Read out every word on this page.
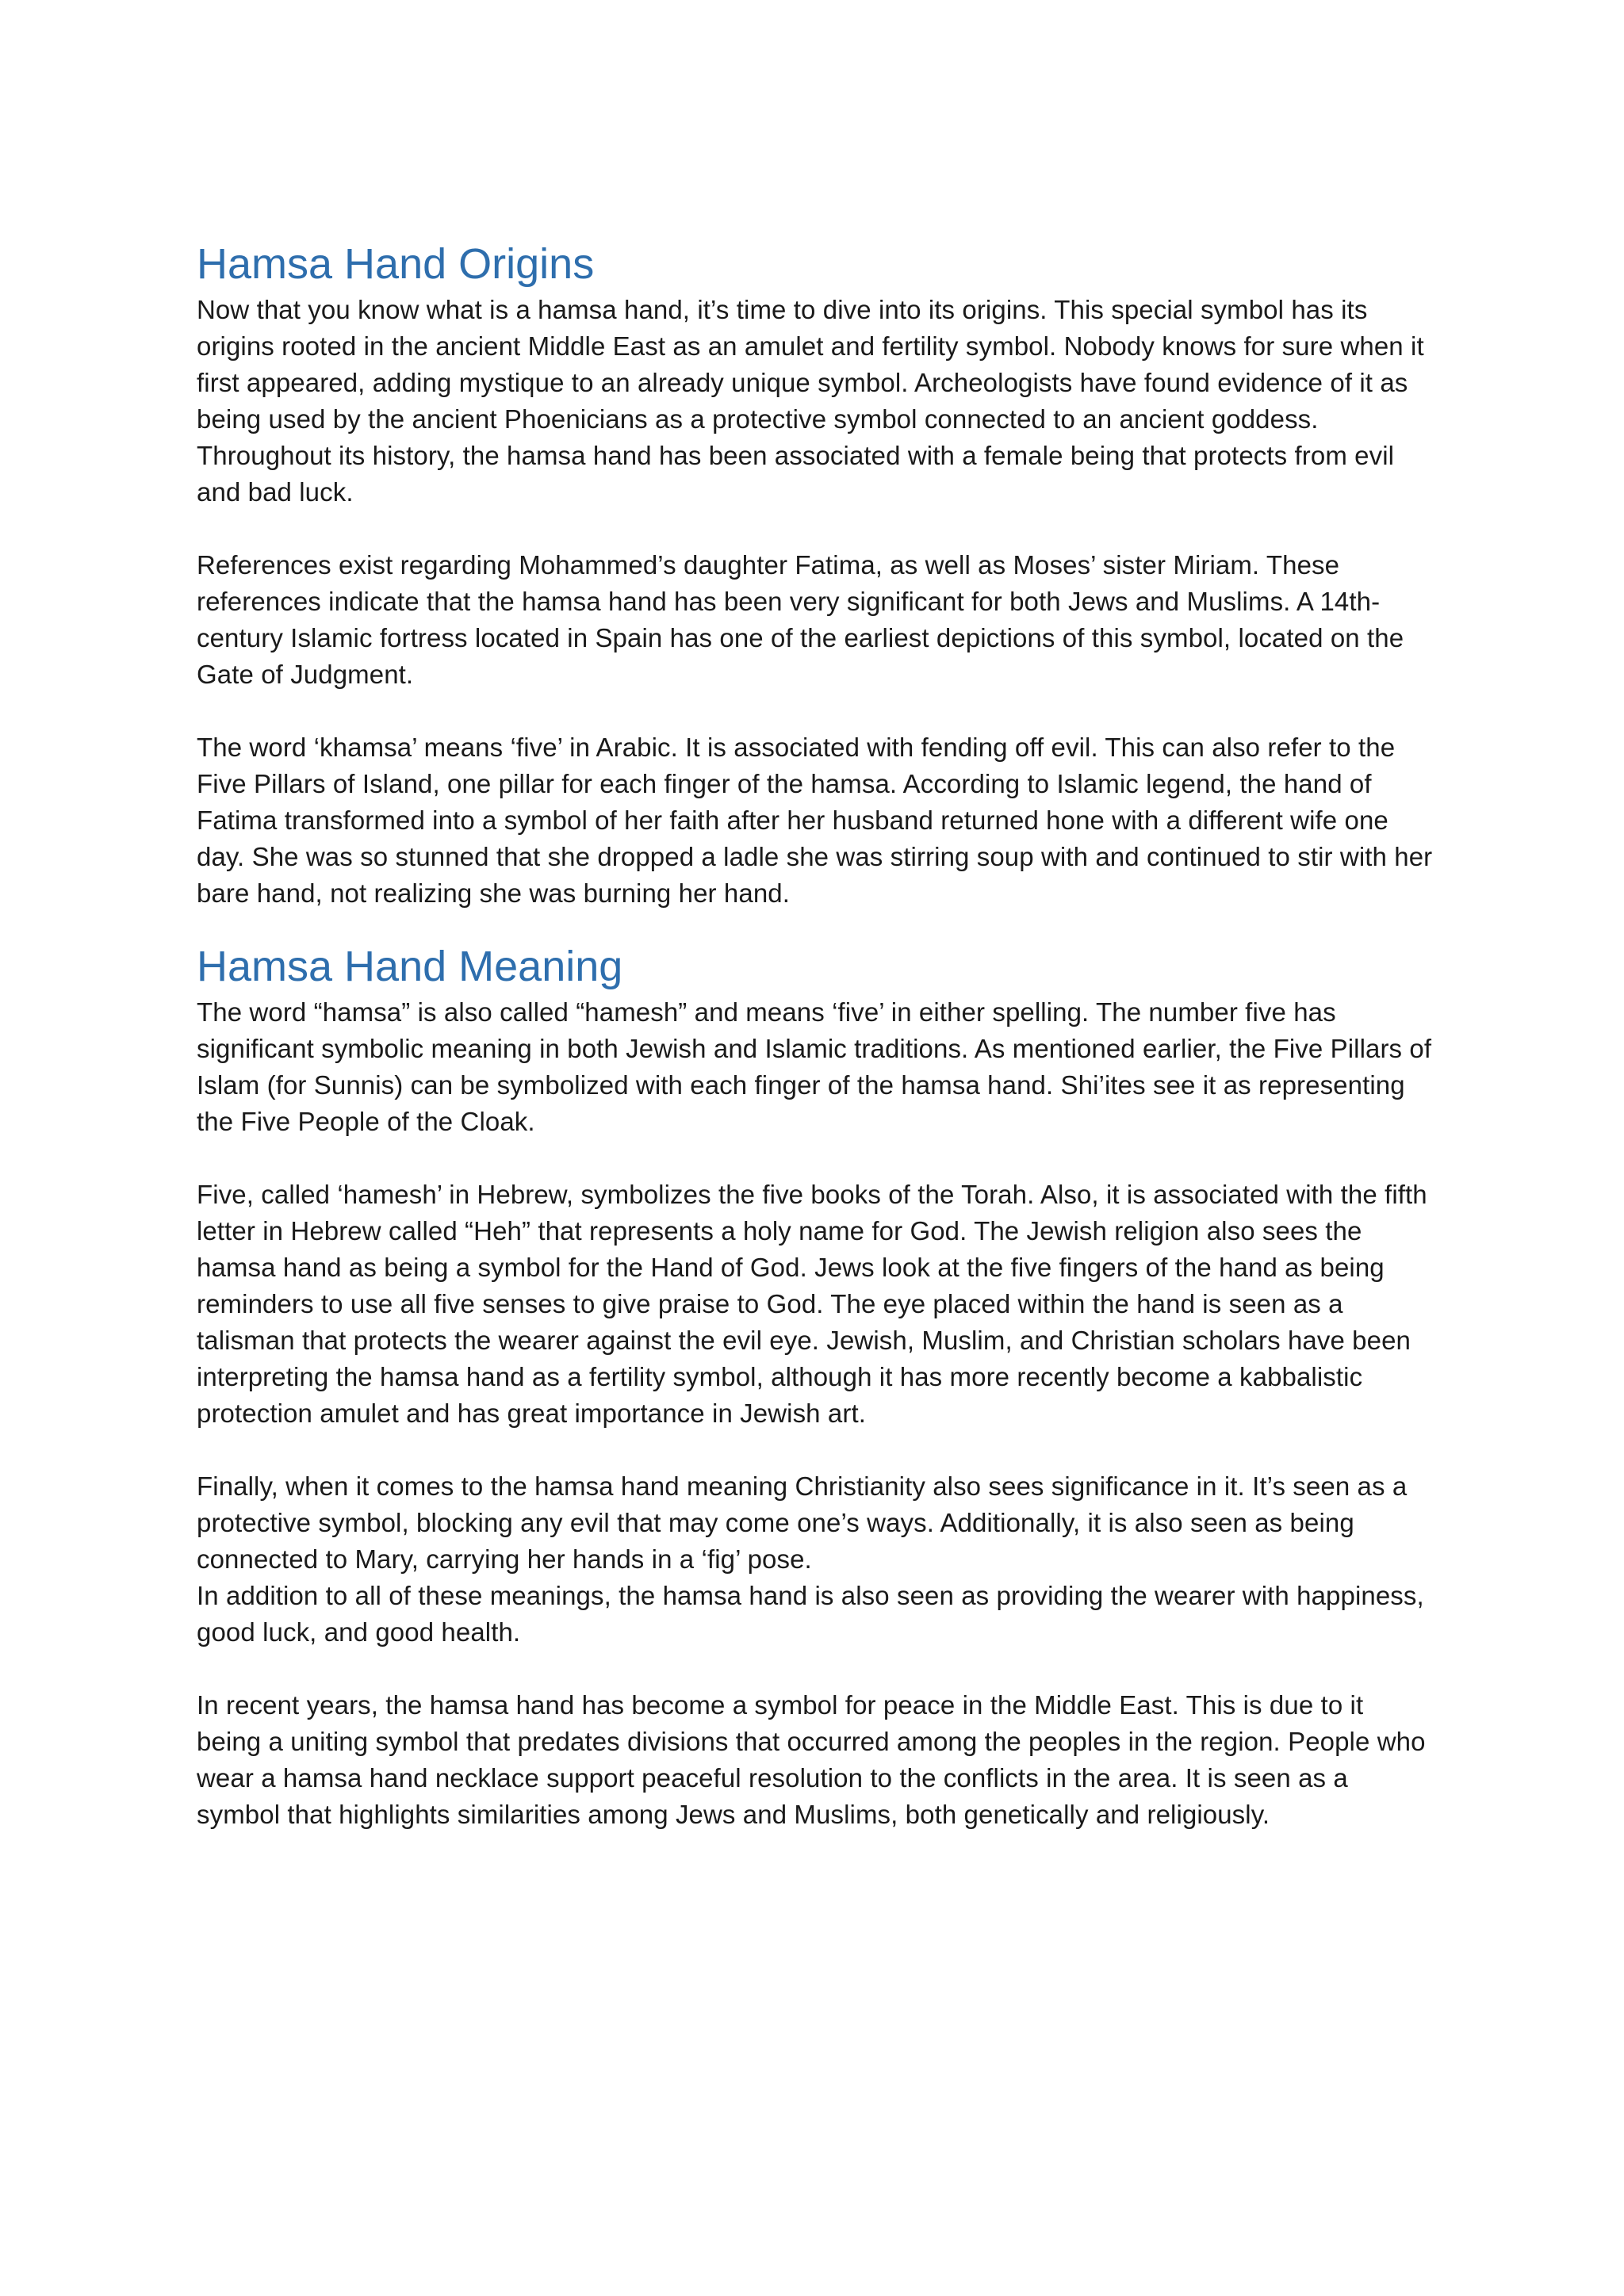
Hamsa Hand Origins

Now that you know what is a hamsa hand, it’s time to dive into its origins. This special symbol has its origins rooted in the ancient Middle East as an amulet and fertility symbol. Nobody knows for sure when it first appeared, adding mystique to an already unique symbol. Archeologists have found evidence of it as being used by the ancient Phoenicians as a protective symbol connected to an ancient goddess. Throughout its history, the hamsa hand has been associated with a female being that protects from evil and bad luck.

References exist regarding Mohammed’s daughter Fatima, as well as Moses’ sister Miriam. These references indicate that the hamsa hand has been very significant for both Jews and Muslims. A 14th-century Islamic fortress located in Spain has one of the earliest depictions of this symbol, located on the Gate of Judgment.

The word ‘khamsa’ means ‘five’ in Arabic. It is associated with fending off evil. This can also refer to the Five Pillars of Island, one pillar for each finger of the hamsa. According to Islamic legend, the hand of Fatima transformed into a symbol of her faith after her husband returned hone with a different wife one day. She was so stunned that she dropped a ladle she was stirring soup with and continued to stir with her bare hand, not realizing she was burning her hand.

Hamsa Hand Meaning

The word “hamsa” is also called “hamesh” and means ‘five’ in either spelling. The number five has significant symbolic meaning in both Jewish and Islamic traditions. As mentioned earlier, the Five Pillars of Islam (for Sunnis) can be symbolized with each finger of the hamsa hand. Shi’ites see it as representing the Five People of the Cloak.

Five, called ‘hamesh’ in Hebrew, symbolizes the five books of the Torah. Also, it is associated with the fifth letter in Hebrew called “Heh” that represents a holy name for God. The Jewish religion also sees the hamsa hand as being a symbol for the Hand of God. Jews look at the five fingers of the hand as being reminders to use all five senses to give praise to God. The eye placed within the hand is seen as a talisman that protects the wearer against the evil eye. Jewish, Muslim, and Christian scholars have been interpreting the hamsa hand as a fertility symbol, although it has more recently become a kabbalistic protection amulet and has great importance in Jewish art.

Finally, when it comes to the hamsa hand meaning Christianity also sees significance in it. It’s seen as a protective symbol, blocking any evil that may come one’s ways. Additionally, it is also seen as being connected to Mary, carrying her hands in a ‘fig’ pose.

In addition to all of these meanings, the hamsa hand is also seen as providing the wearer with happiness, good luck, and good health.

In recent years, the hamsa hand has become a symbol for peace in the Middle East. This is due to it being a uniting symbol that predates divisions that occurred among the peoples in the region. People who wear a hamsa hand necklace support peaceful resolution to the conflicts in the area. It is seen as a symbol that highlights similarities among Jews and Muslims, both genetically and religiously.
